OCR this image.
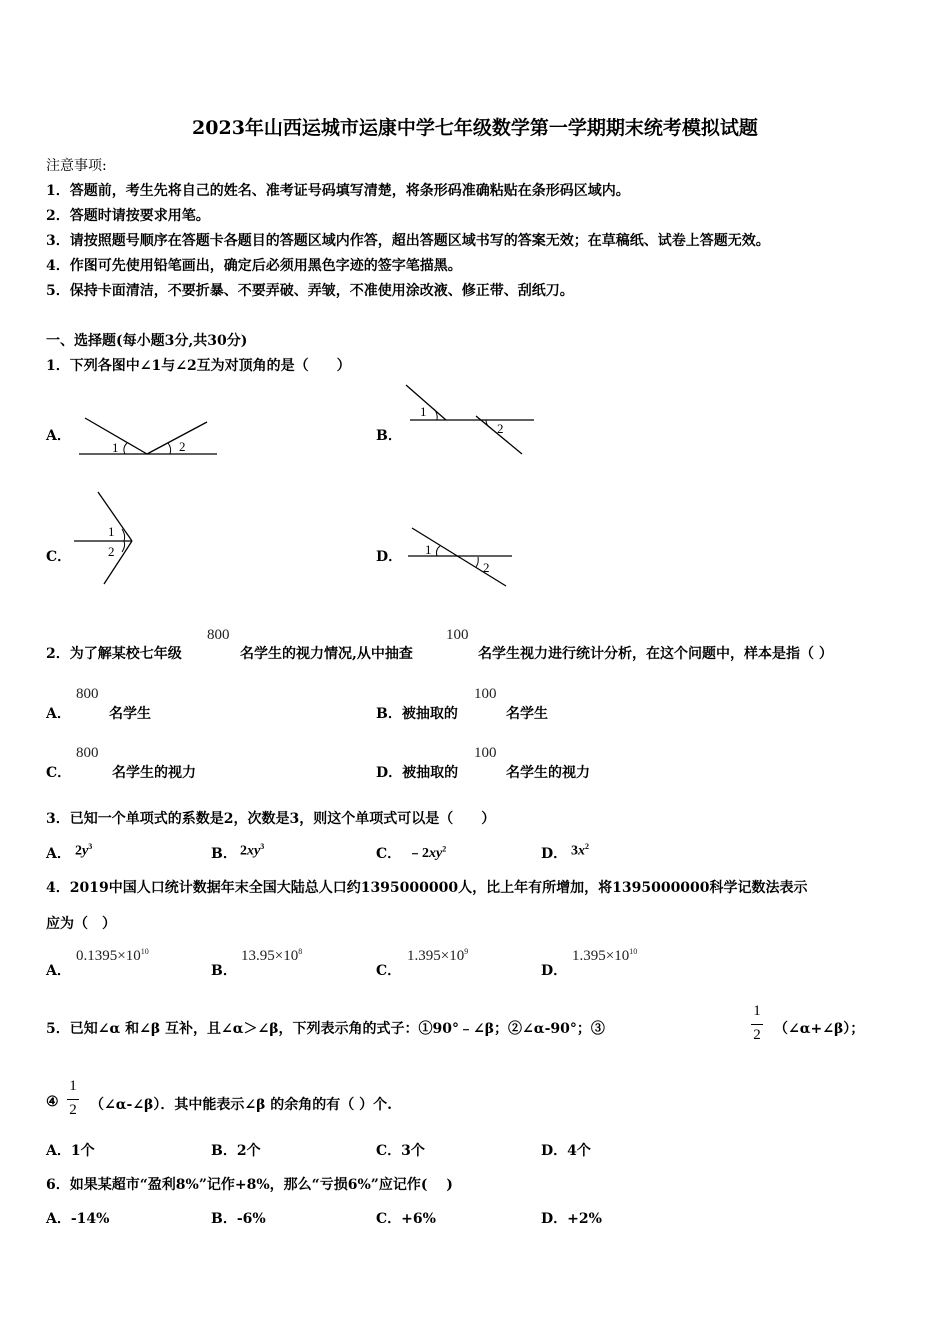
2023年山西运城市运康中学七年级数学第一学期期末统考模拟试题
注意事项:
1．答题前，考生先将自己的姓名、准考证号码填写清楚，将条形码准确粘贴在条形码区域内。
2．答题时请按要求用笔。
3．请按照题号顺序在答题卡各题目的答题区域内作答，超出答题区域书写的答案无效；在草稿纸、试卷上答题无效。
4．作图可先使用铅笔画出，确定后必须用黑色字迹的签字笔描黑。
5．保持卡面清洁，不要折暴、不要弄破、弄皱，不准使用涂改液、修正带、刮纸刀。
一、选择题(每小题3分,共30分)
1．下列各图中∠1与∠2互为对顶角的是（　　）
A．
1	2
B．
1
2
C．
1
2	D． 1
2
2．为了解某校七年级
800
名学生的视力情况,从中抽查
100
名学生视力进行统计分析，在这个问题中，样本是指（ ）
A．
800
名学生	B．被抽取的
100
名学生
C．
800
名学生的视力	D．被抽取的
100
名学生的视力
3．已知一个单项式的系数是2，次数是3，则这个单项式可以是（　　）
A． $2y^3$	B． $2xy^3$	C． $﹣2xy^2$	D． $3x^2$
4．2019中国人口统计数据年末全国大陆总人口约1395000000人，比上年有所增加，将1395000000科学记数法表示
应为（　）
A．
$0.1395\times 10^{10}$
B．
$13.95\times 10^8$
C．
$1.395\times 10^9$
D．
$1.395\times 10^{10}$
5．已知∠α 和∠β 互补，且∠α＞∠β，下列表示角的式子：①90°﹣∠β；②∠α-90°；③
1
2 （∠α+∠β）；
④
1
2 （∠α-∠β）．其中能表示∠β 的余角的有（ ）个.
A．1个	B．2个	C．3个	D．4个
6．如果某超市“盈利8%”记作+8%，那么“亏损6%”应记作(　 )
A．-14%	B．-6%	C．+6%	D．+2%
